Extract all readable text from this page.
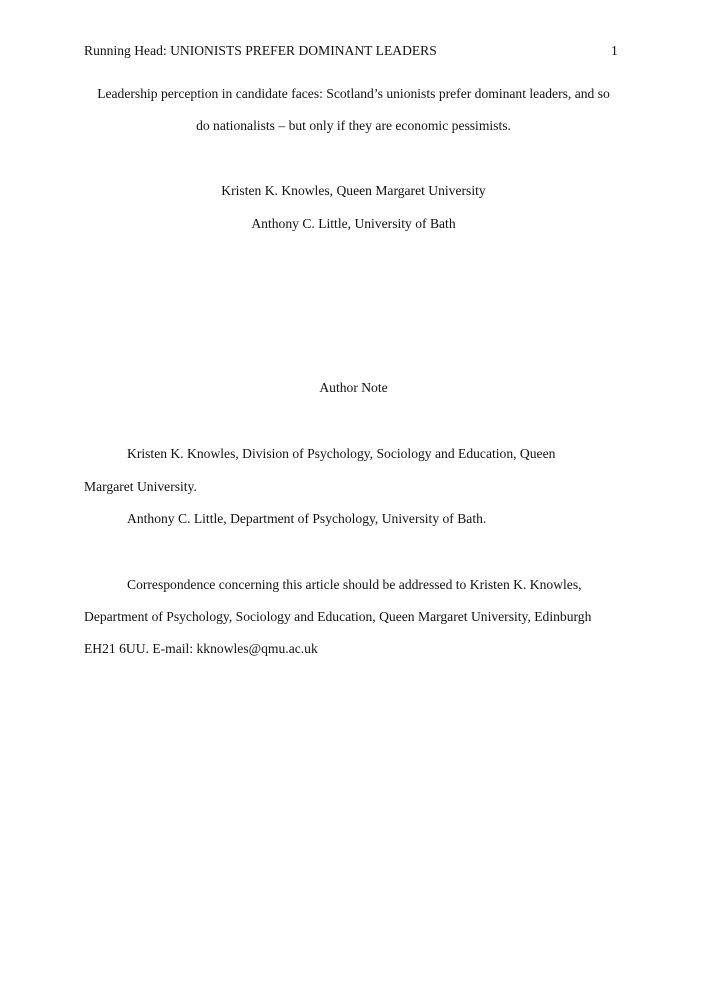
Running Head: UNIONISTS PREFER DOMINANT LEADERS	1
Leadership perception in candidate faces: Scotland’s unionists prefer dominant leaders, and so
do nationalists – but only if they are economic pessimists.
Kristen K. Knowles, Queen Margaret University
Anthony C. Little, University of Bath
Author Note
Kristen K. Knowles, Division of Psychology, Sociology and Education, Queen
Margaret University.
Anthony C. Little, Department of Psychology, University of Bath.
Correspondence concerning this article should be addressed to Kristen K. Knowles,
Department of Psychology, Sociology and Education, Queen Margaret University, Edinburgh
EH21 6UU. E-mail: kknowles@qmu.ac.uk
